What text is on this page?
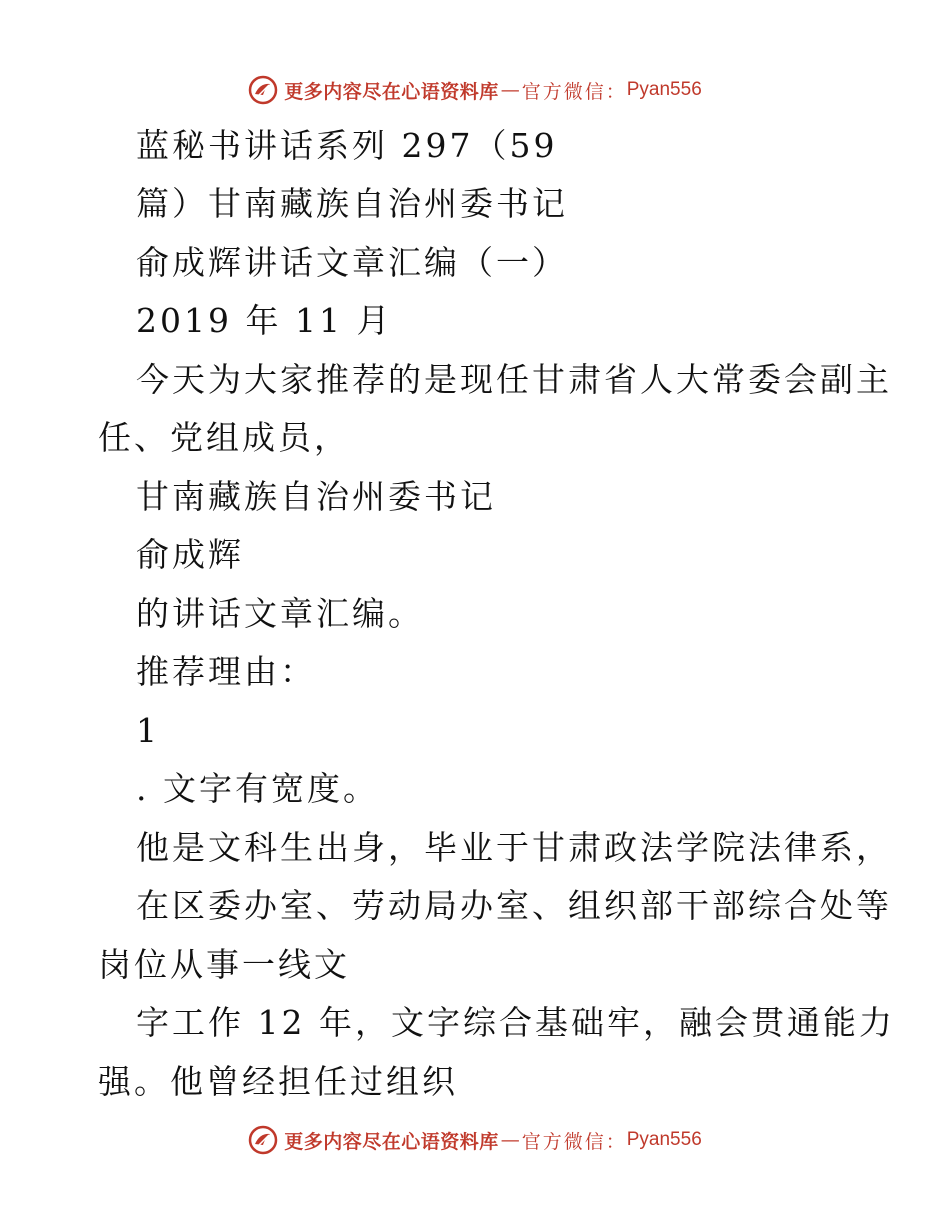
更多内容尽在心语资料库 — 官方微信： Pyan556
蓝秘书讲话系列 297（59
篇）甘南藏族自治州委书记
俞成辉讲话文章汇编（一）
2019 年 11 月
今天为大家推荐的是现任甘肃省人大常委会副主
任、党组成员，
甘南藏族自治州委书记
俞成辉
的讲话文章汇编。
推荐理由：
1
. 文字有宽度。
他是文科生出身，毕业于甘肃政法学院法律系，
在区委办室、劳动局办室、组织部干部综合处等
岗位从事一线文
字工作 12 年，文字综合基础牢，融会贯通能力
强。他曾经担任过组织
更多内容尽在心语资料库 — 官方微信： Pyan556
